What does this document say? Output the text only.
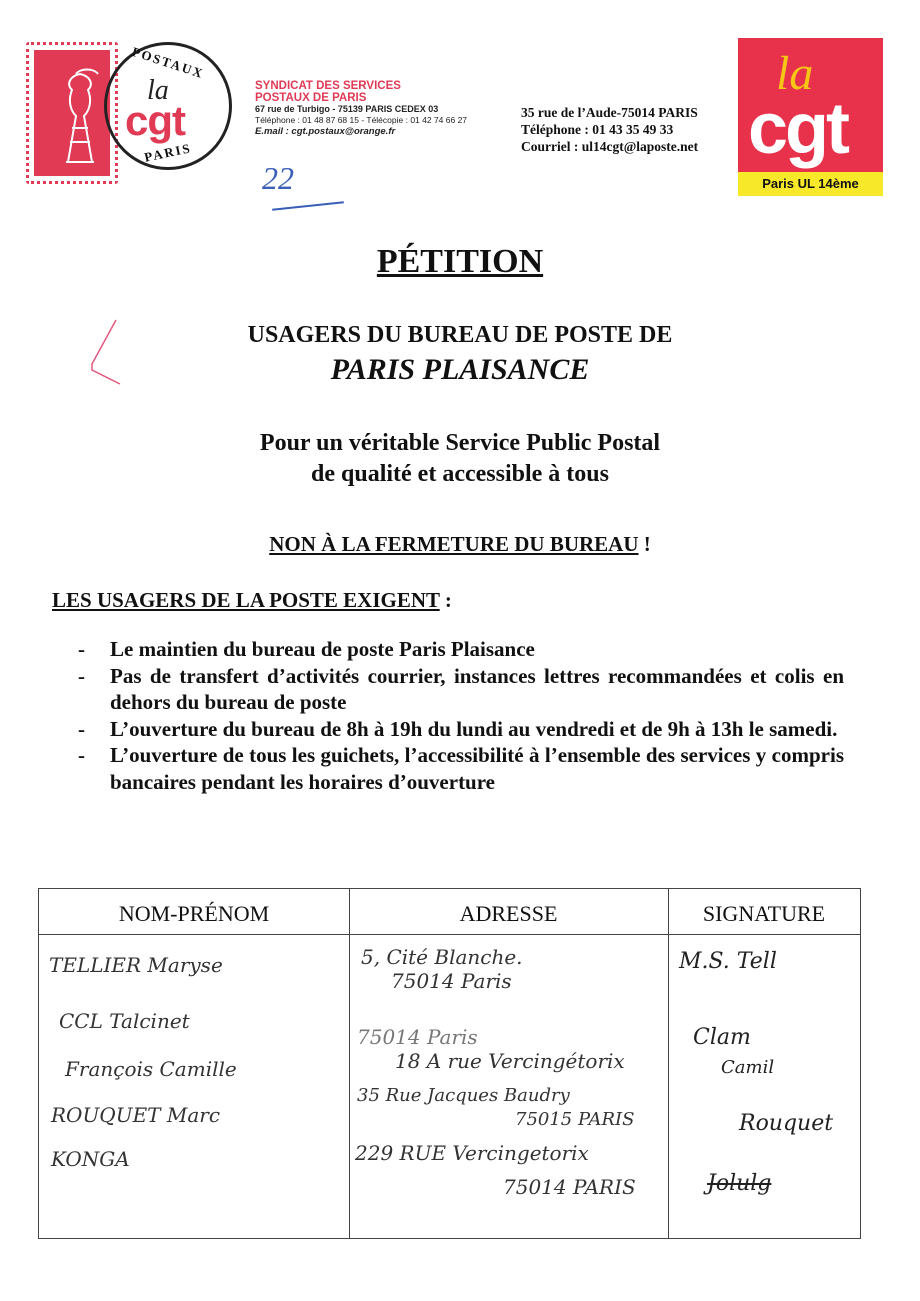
POSTAUX
la
cgt
PARIS
SYNDICAT DES SERVICES
POSTAUX DE PARIS
67 rue de Turbigo - 75139 PARIS CEDEX 03
Téléphone : 01 48 87 68 15 - Télécopie : 01 42 74 66 27
E.mail : cgt.postaux@orange.fr
35 rue de l’Aude-75014 PARIS
Téléphone : 01 43 35 49 33
Courriel : ul14cgt@laposte.net
la
cgt
Paris UL 14ème
22
PÉTITION
USAGERS DU BUREAU DE POSTE DE
PARIS PLAISANCE
Pour un véritable Service Public Postal
de qualité et accessible à tous
NON À LA FERMETURE DU BUREAU !
LES USAGERS DE LA POSTE EXIGENT :
- Le maintien du bureau de poste Paris Plaisance
- Pas de transfert d’activités courrier, instances lettres recommandées et colis en dehors du bureau de poste
- L’ouverture du bureau de 8h à 19h du lundi au vendredi et de 9h à 13h le samedi.
- L’ouverture de tous les guichets, l’accessibilité à l’ensemble des services y compris bancaires pendant les horaires d’ouverture
NOM-PRÉNOM	ADRESSE	SIGNATURE
TELLIER Maryse
CCL Talcinet
François Camille
ROUQUET Marc
KONGA
5, Cité Blanche.
75014 Paris
75014 Paris
18 A rue Vercingétorix
35 Rue Jacques Baudry
75015 PARIS
229 RUE Vercingetorix
75014 PARIS
M.S. Tell
Clam
Camil
Rouquet
Jolulg
